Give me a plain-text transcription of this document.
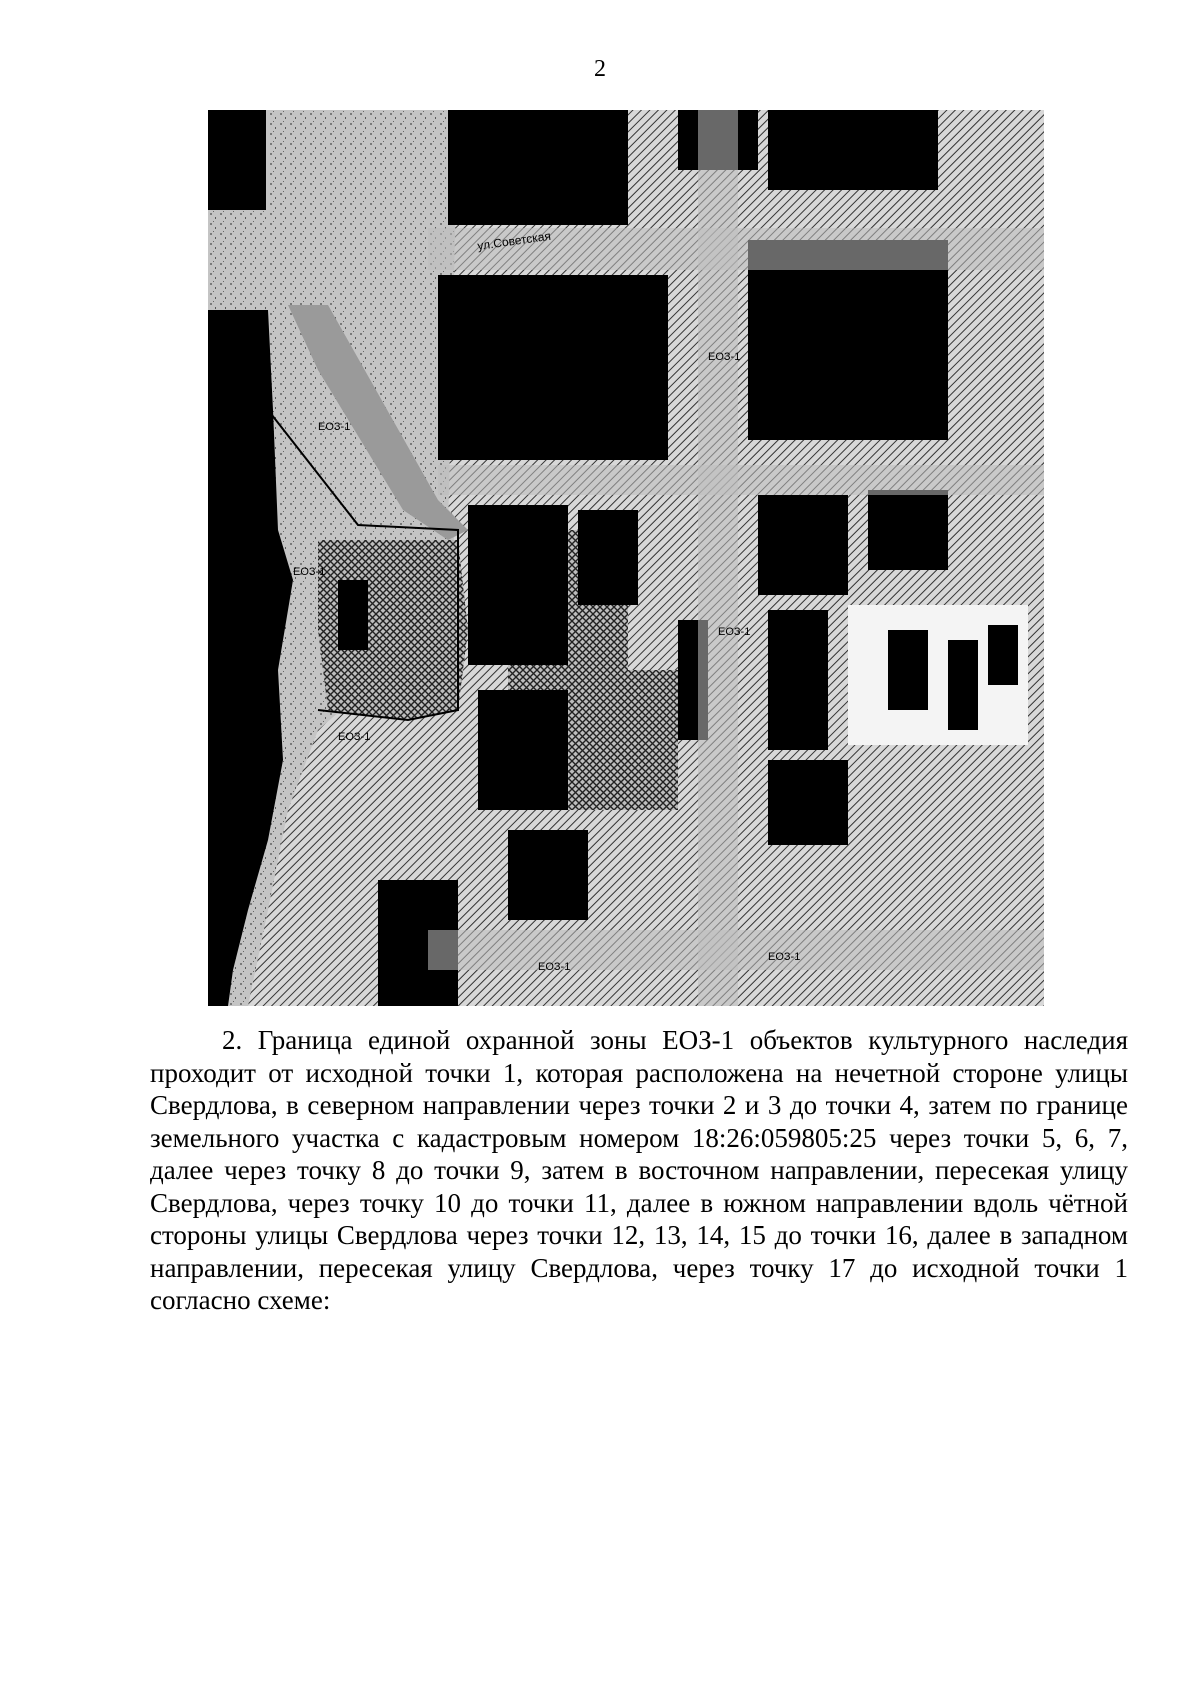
2
ул.Советская
ЕОЗ-1
ЕОЗ-1
ЕОЗ-1
ЕОЗ-1
ЕОЗ-1
ЕОЗ-1
ЕОЗ-1

2. Граница единой охранной зоны ЕОЗ-1 объектов культурного наследия проходит от исходной точки 1, которая расположена на нечетной стороне улицы Свердлова, в северном направлении через точки 2 и 3 до точки 4, затем по границе земельного участка с кадастровым номером 18:26:059805:25 через точки 5, 6, 7, далее через точку 8 до точки 9, затем в восточном направлении, пересекая улицу Свердлова, через точку 10 до точки 11, далее в южном направлении вдоль чётной стороны улицы Свердлова через точки 12, 13, 14, 15 до точки 16, далее в западном направлении, пересекая улицу Свердлова, через точку 17 до исходной точки 1 согласно схеме:
